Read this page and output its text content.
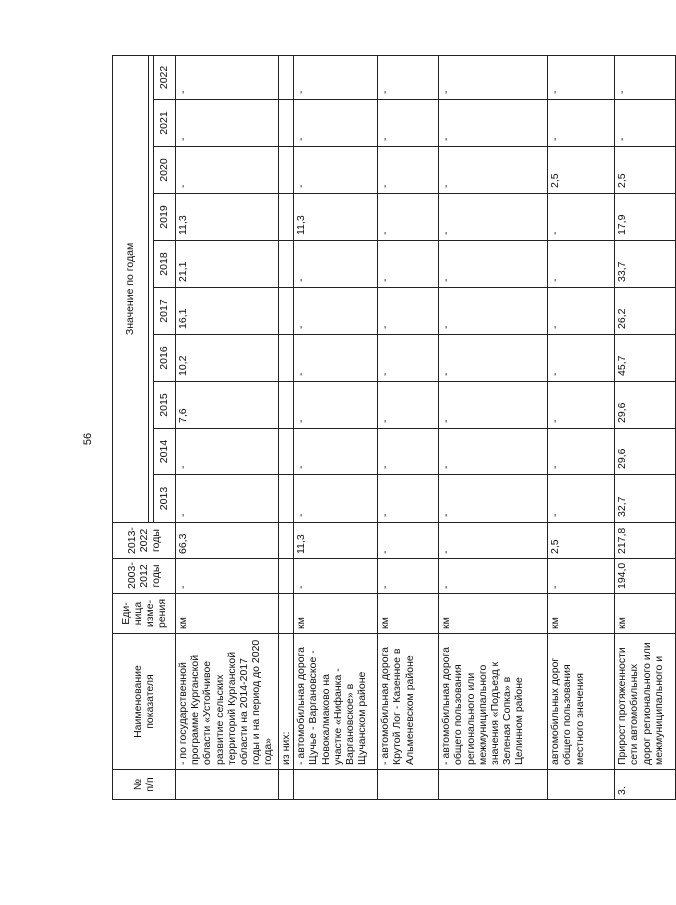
56
№ п/п	Наименование показателя	Еди-ница изме-рения	2003-2012 годы	2013-2022 годы	Значение по годам									

					2013	2014	2015	2016	2017	2018	2019	2020	2021	2022
	- по государственной программе Курганской области «Устойчивое развитие сельских территорий Курганской области на 2014-2017 годы и на период до 2020 года»	км	-	66,3	-	-	7,6	10,2	16,1	21,1	11,3	-	-	-
	из них:													
	- автомобильная дорога Щучье - Варгановское - Новокалмаково на участке «Нифанка - Варгановское» в Щучанском районе	км	-	11,3	-	-	-	-	-	-	11,3	-	-	-
	- автомобильная дорога Крутой Лог - Казенное в Альменевском районе	км	-	-	-	-	-	-	-	-	-	-	-	-
	- автомобильная дорога общего пользования регионального или межмуниципального значения «Подъезд к Зеленая Сопка» в Целинном районе	км	-	-	-	-	-	-	-	-	-	-	-	-
	автомобильных дорог общего пользования местного значения	км	-	2,5	-	-	-	-	-	-	-	2,5	-	-
3.	Прирост протяженности сети автомобильных дорог регионального или межмуниципального и	км	194,0	217,8	32,7	29,6	29,6	45,7	26,2	33,7	17,9	2,5	-	-
